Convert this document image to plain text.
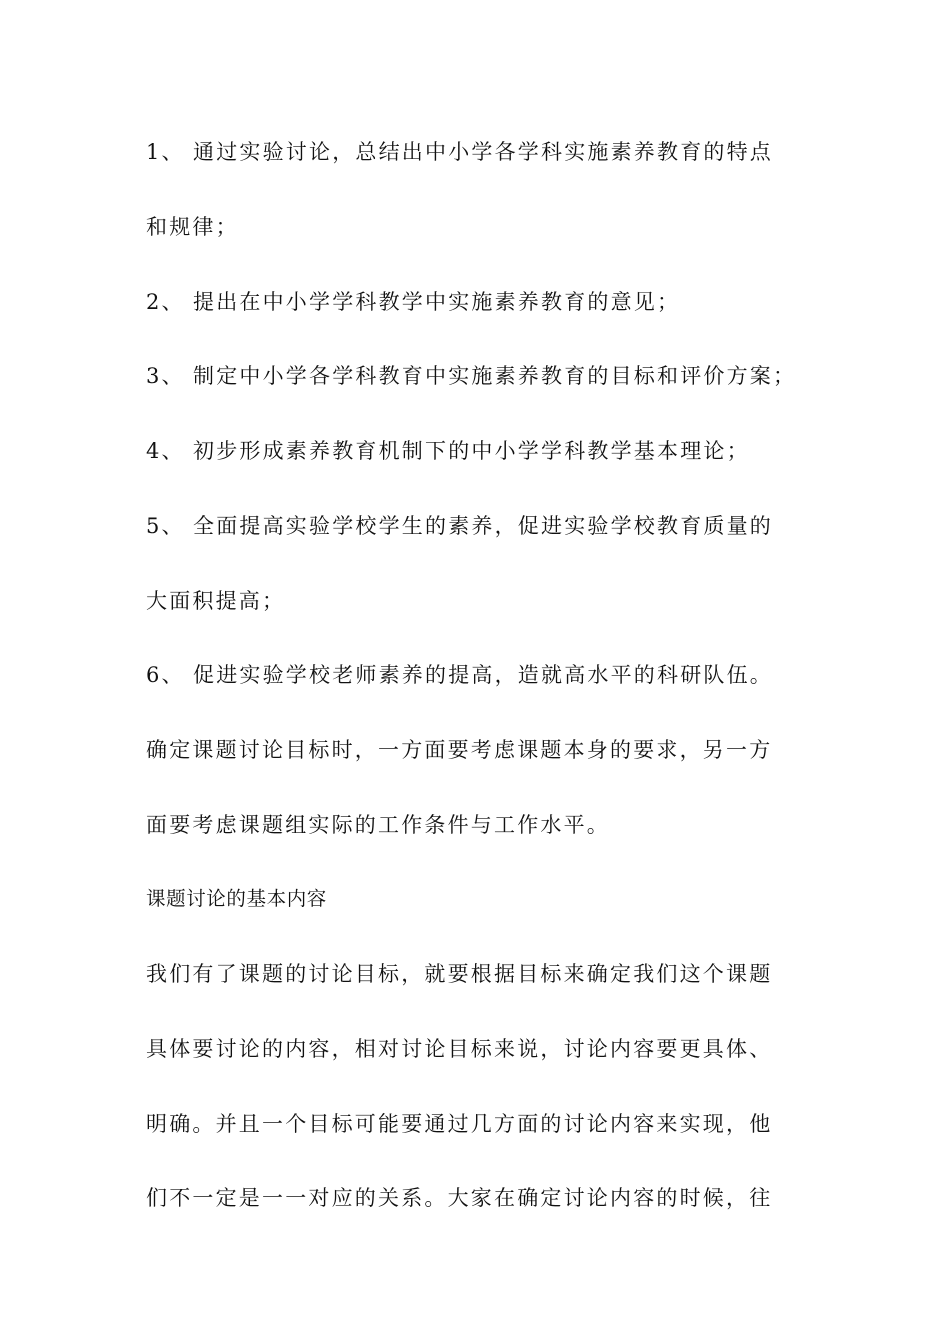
1、 通过实验讨论，总结出中小学各学科实施素养教育的特点
和规律；
2、 提出在中小学学科教学中实施素养教育的意见；
3、 制定中小学各学科教育中实施素养教育的目标和评价方案；
4、 初步形成素养教育机制下的中小学学科教学基本理论；
5、 全面提高实验学校学生的素养，促进实验学校教育质量的
大面积提高；
6、 促进实验学校老师素养的提高，造就高水平的科研队伍。
确定课题讨论目标时，一方面要考虑课题本身的要求，另一方
面要考虑课题组实际的工作条件与工作水平。
课题讨论的基本内容
我们有了课题的讨论目标，就要根据目标来确定我们这个课题
具体要讨论的内容，相对讨论目标来说，讨论内容要更具体、
明确。并且一个目标可能要通过几方面的讨论内容来实现，他
们不一定是一一对应的关系。大家在确定讨论内容的时候，往
